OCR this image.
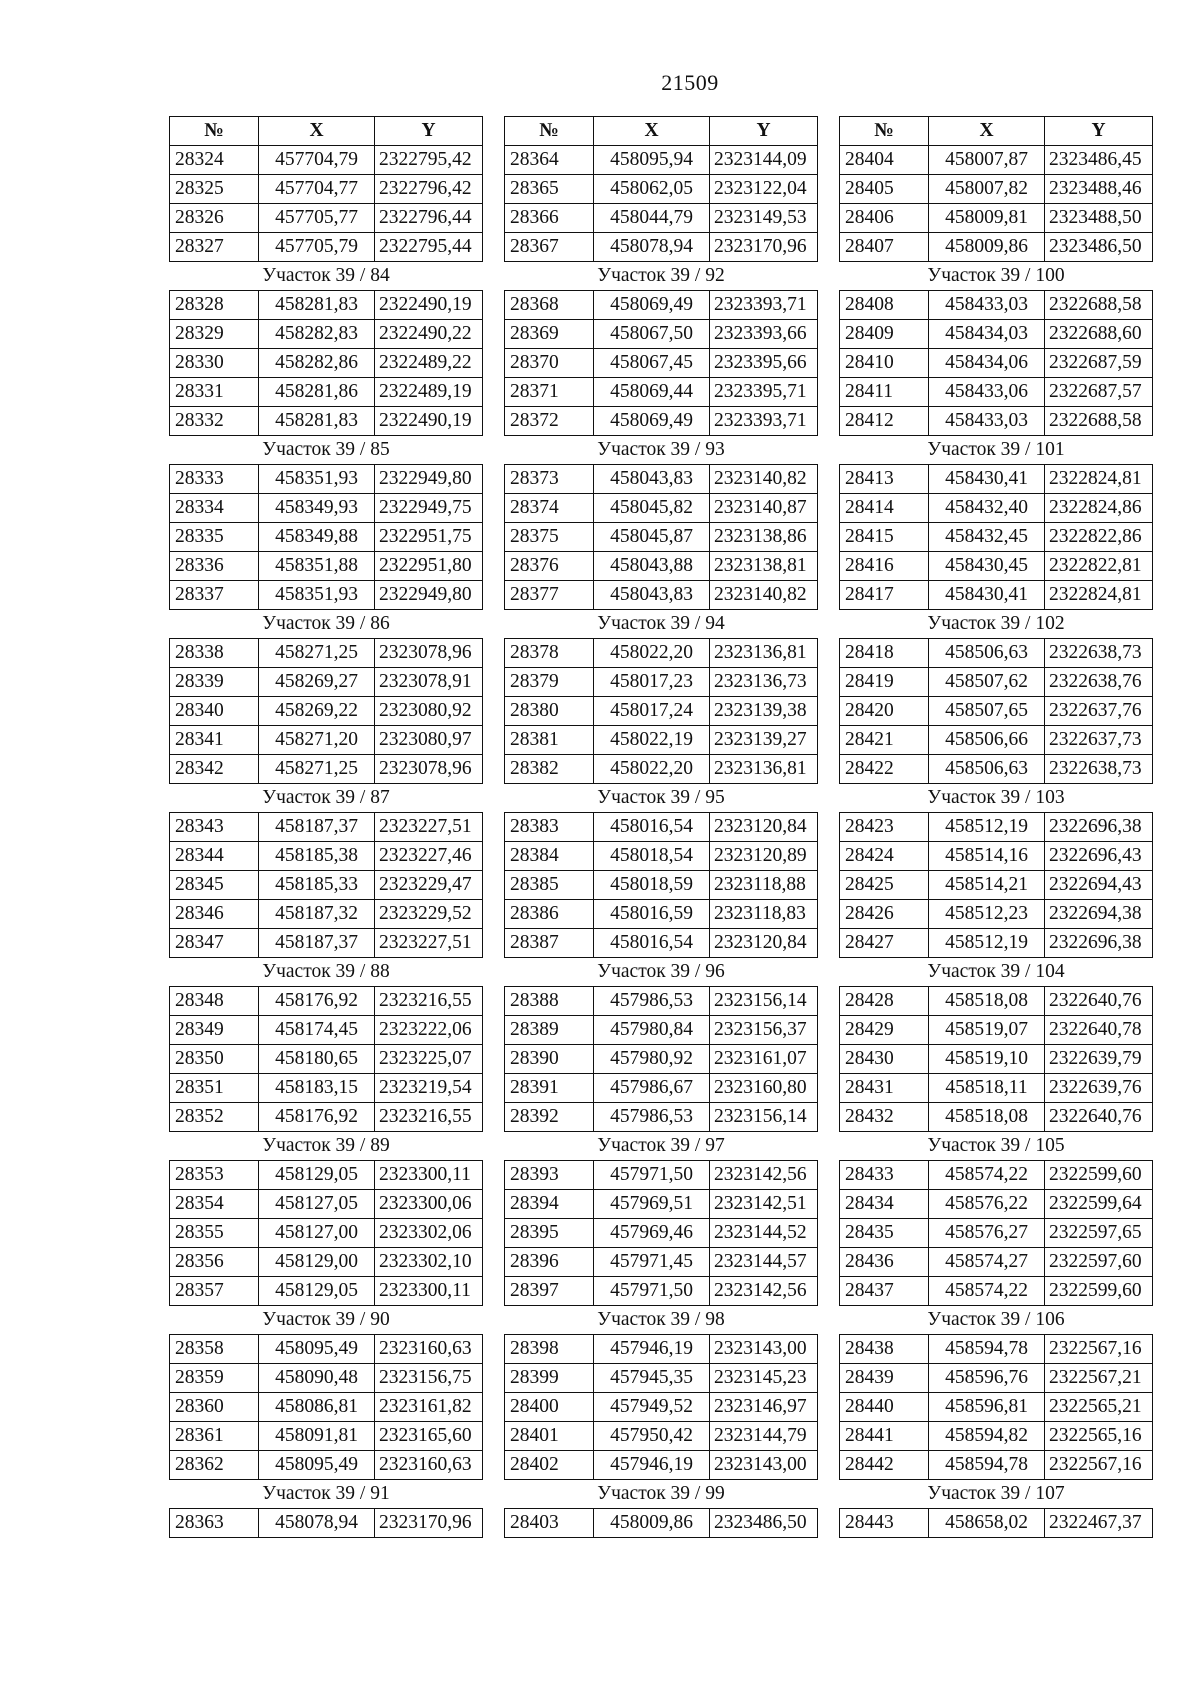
21509
№	X	Y
28324	457704,79	2322795,42
28325	457704,77	2322796,42
28326	457705,77	2322796,44
28327	457705,79	2322795,44
Участок 39 / 84		
28328	458281,83	2322490,19
28329	458282,83	2322490,22
28330	458282,86	2322489,22
28331	458281,86	2322489,19
28332	458281,83	2322490,19
Участок 39 / 85		
28333	458351,93	2322949,80
28334	458349,93	2322949,75
28335	458349,88	2322951,75
28336	458351,88	2322951,80
28337	458351,93	2322949,80
Участок 39 / 86		
28338	458271,25	2323078,96
28339	458269,27	2323078,91
28340	458269,22	2323080,92
28341	458271,20	2323080,97
28342	458271,25	2323078,96
Участок 39 / 87		
28343	458187,37	2323227,51
28344	458185,38	2323227,46
28345	458185,33	2323229,47
28346	458187,32	2323229,52
28347	458187,37	2323227,51
Участок 39 / 88		
28348	458176,92	2323216,55
28349	458174,45	2323222,06
28350	458180,65	2323225,07
28351	458183,15	2323219,54
28352	458176,92	2323216,55
Участок 39 / 89		
28353	458129,05	2323300,11
28354	458127,05	2323300,06
28355	458127,00	2323302,06
28356	458129,00	2323302,10
28357	458129,05	2323300,11
Участок 39 / 90		
28358	458095,49	2323160,63
28359	458090,48	2323156,75
28360	458086,81	2323161,82
28361	458091,81	2323165,60
28362	458095,49	2323160,63
Участок 39 / 91		
28363	458078,94	2323170,96
№	X	Y
28364	458095,94	2323144,09
28365	458062,05	2323122,04
28366	458044,79	2323149,53
28367	458078,94	2323170,96
Участок 39 / 92		
28368	458069,49	2323393,71
28369	458067,50	2323393,66
28370	458067,45	2323395,66
28371	458069,44	2323395,71
28372	458069,49	2323393,71
Участок 39 / 93		
28373	458043,83	2323140,82
28374	458045,82	2323140,87
28375	458045,87	2323138,86
28376	458043,88	2323138,81
28377	458043,83	2323140,82
Участок 39 / 94		
28378	458022,20	2323136,81
28379	458017,23	2323136,73
28380	458017,24	2323139,38
28381	458022,19	2323139,27
28382	458022,20	2323136,81
Участок 39 / 95		
28383	458016,54	2323120,84
28384	458018,54	2323120,89
28385	458018,59	2323118,88
28386	458016,59	2323118,83
28387	458016,54	2323120,84
Участок 39 / 96		
28388	457986,53	2323156,14
28389	457980,84	2323156,37
28390	457980,92	2323161,07
28391	457986,67	2323160,80
28392	457986,53	2323156,14
Участок 39 / 97		
28393	457971,50	2323142,56
28394	457969,51	2323142,51
28395	457969,46	2323144,52
28396	457971,45	2323144,57
28397	457971,50	2323142,56
Участок 39 / 98		
28398	457946,19	2323143,00
28399	457945,35	2323145,23
28400	457949,52	2323146,97
28401	457950,42	2323144,79
28402	457946,19	2323143,00
Участок 39 / 99		
28403	458009,86	2323486,50
№	X	Y
28404	458007,87	2323486,45
28405	458007,82	2323488,46
28406	458009,81	2323488,50
28407	458009,86	2323486,50
Участок 39 / 100		
28408	458433,03	2322688,58
28409	458434,03	2322688,60
28410	458434,06	2322687,59
28411	458433,06	2322687,57
28412	458433,03	2322688,58
Участок 39 / 101		
28413	458430,41	2322824,81
28414	458432,40	2322824,86
28415	458432,45	2322822,86
28416	458430,45	2322822,81
28417	458430,41	2322824,81
Участок 39 / 102		
28418	458506,63	2322638,73
28419	458507,62	2322638,76
28420	458507,65	2322637,76
28421	458506,66	2322637,73
28422	458506,63	2322638,73
Участок 39 / 103		
28423	458512,19	2322696,38
28424	458514,16	2322696,43
28425	458514,21	2322694,43
28426	458512,23	2322694,38
28427	458512,19	2322696,38
Участок 39 / 104		
28428	458518,08	2322640,76
28429	458519,07	2322640,78
28430	458519,10	2322639,79
28431	458518,11	2322639,76
28432	458518,08	2322640,76
Участок 39 / 105		
28433	458574,22	2322599,60
28434	458576,22	2322599,64
28435	458576,27	2322597,65
28436	458574,27	2322597,60
28437	458574,22	2322599,60
Участок 39 / 106		
28438	458594,78	2322567,16
28439	458596,76	2322567,21
28440	458596,81	2322565,21
28441	458594,82	2322565,16
28442	458594,78	2322567,16
Участок 39 / 107		
28443	458658,02	2322467,37
